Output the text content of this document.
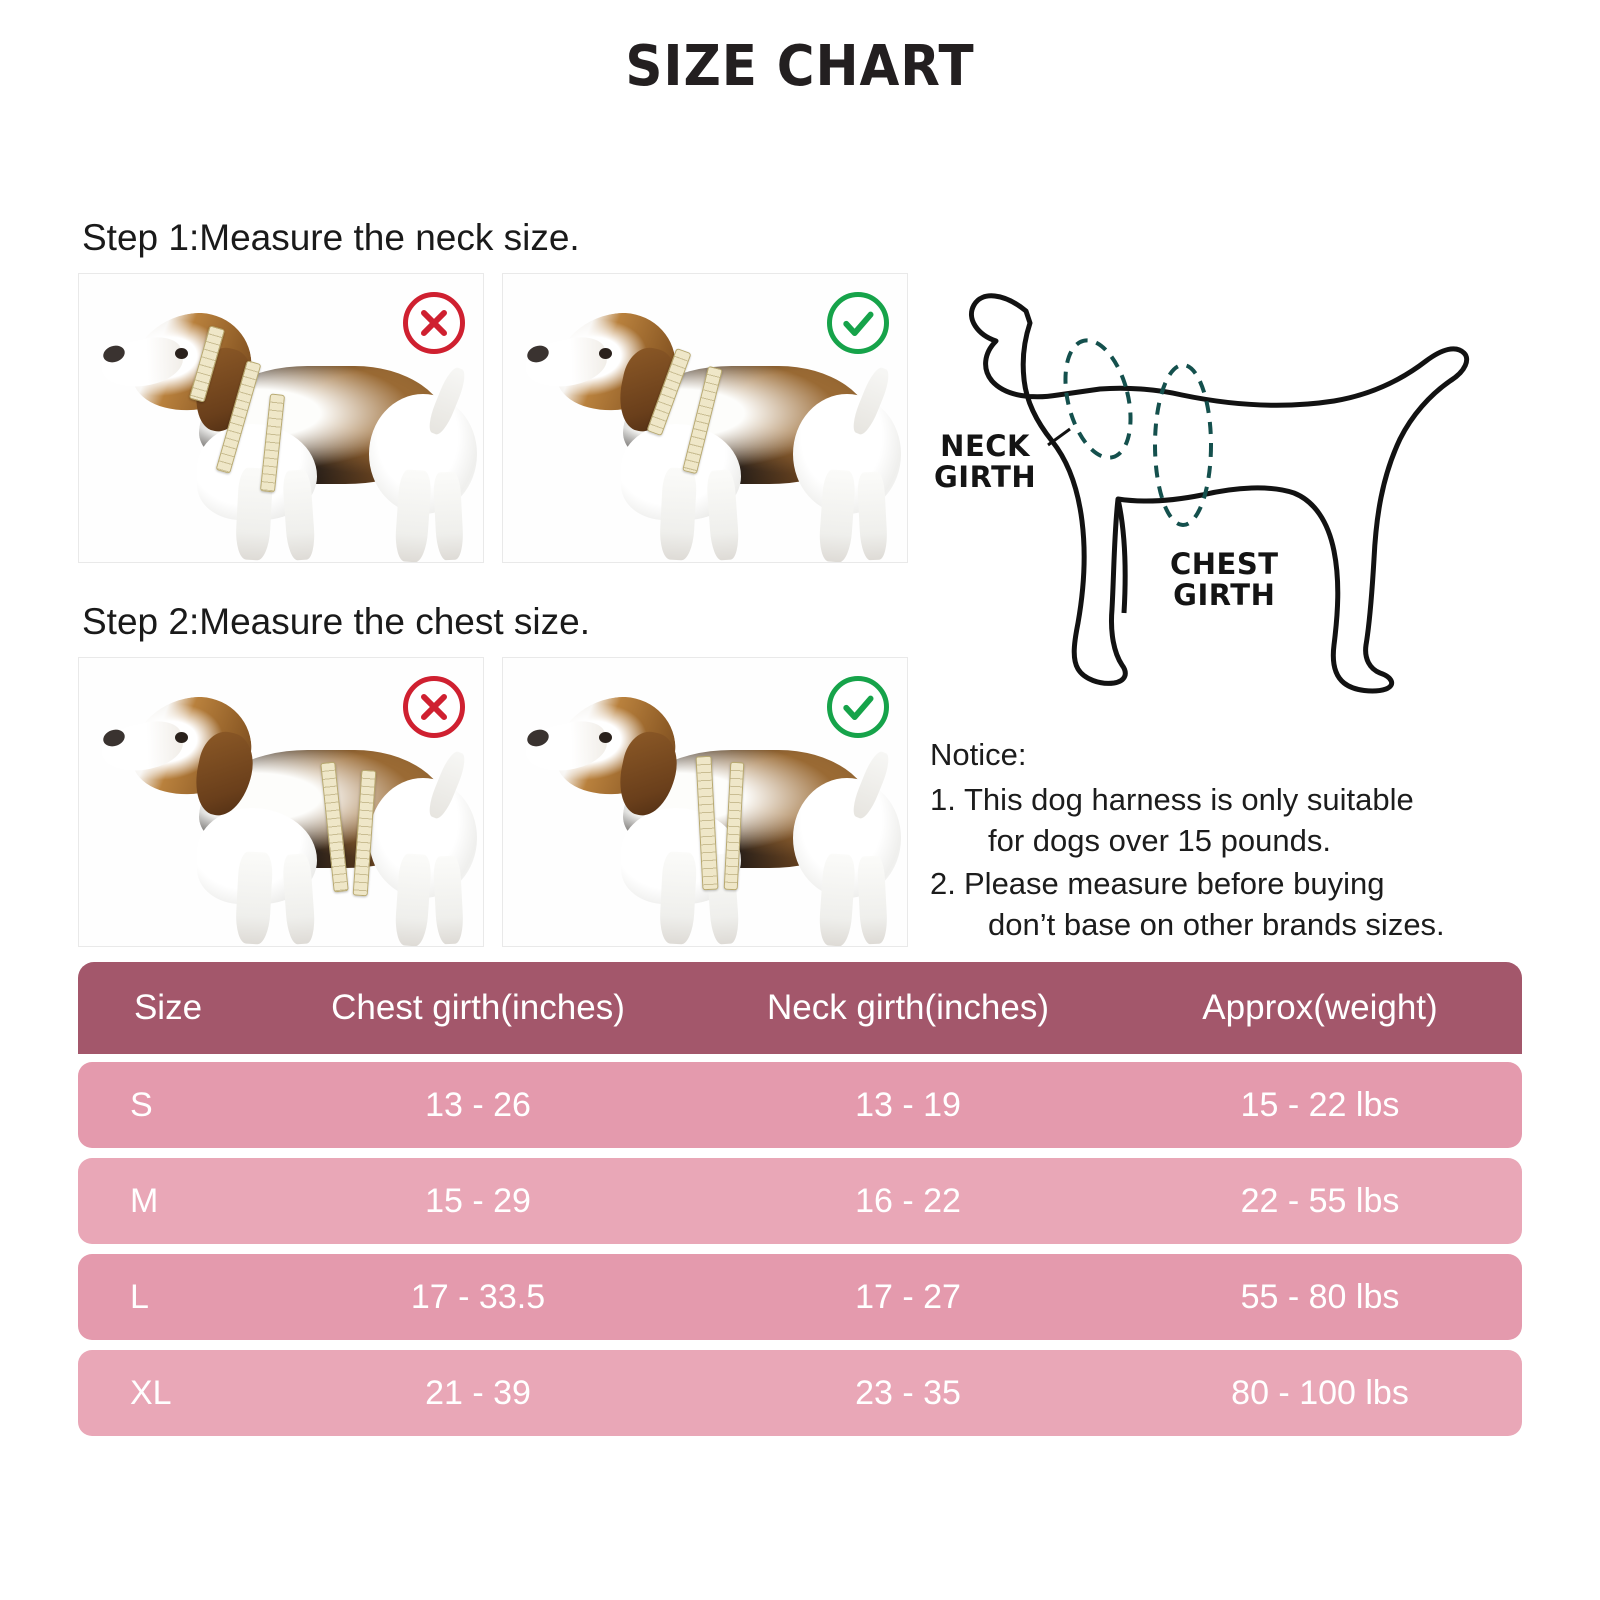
SIZE CHART
Step 1:Measure the neck size.
Step 2:Measure the chest size.
NECK
GIRTH
CHEST
GIRTH
Notice:
1. This dog harness is only suitable
for dogs over 15 pounds.
2. Please measure before buying
don’t base on other brands sizes.
Size	Chest girth(inches)	Neck girth(inches)	Approx(weight)
S	13 - 26	13 - 19	15 - 22 lbs
M	15 - 29	16 - 22	22 - 55 lbs
L	17 - 33.5	17 - 27	55 - 80 lbs
XL	21 - 39	23 - 35	80 - 100 lbs
